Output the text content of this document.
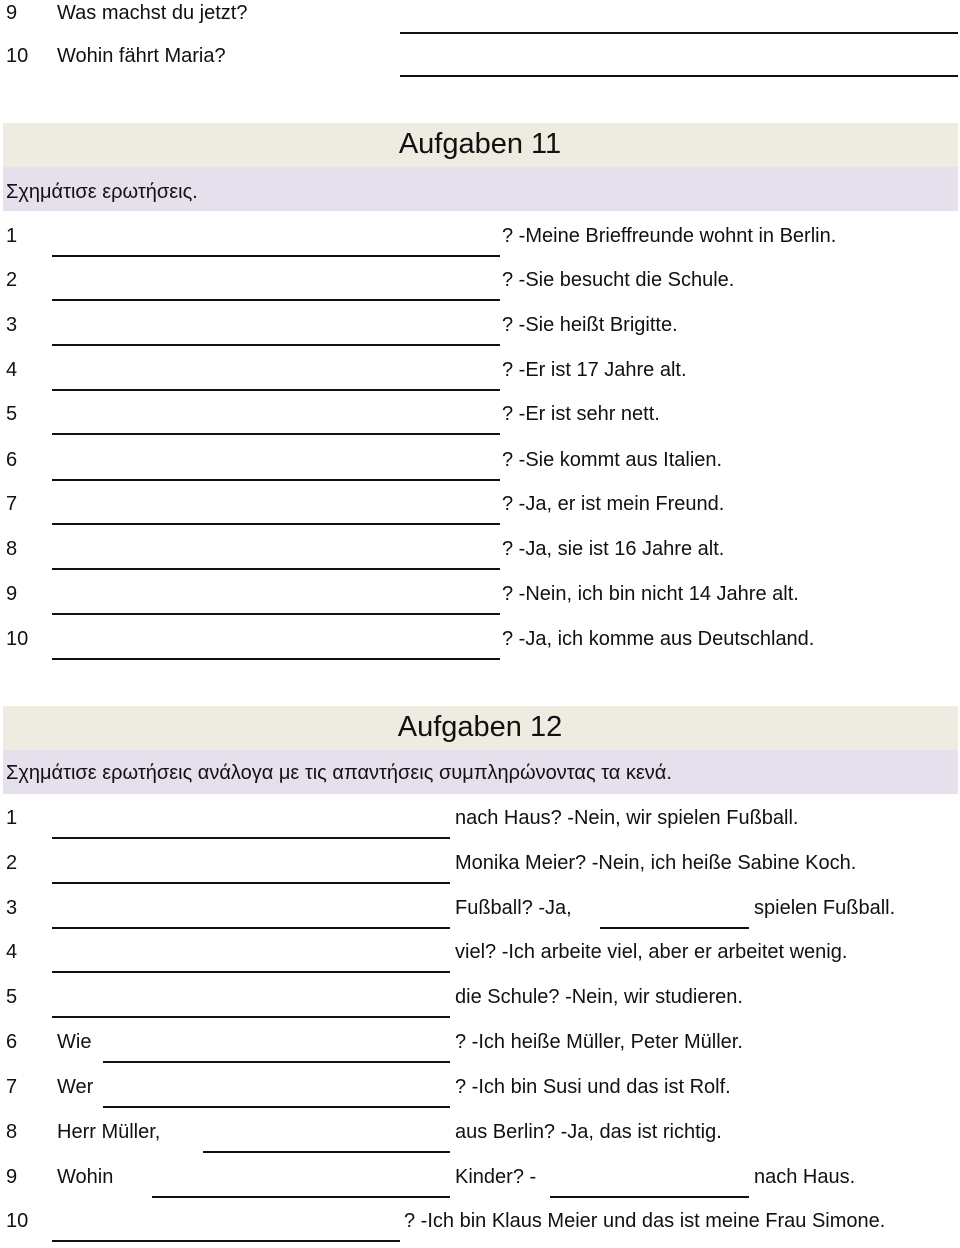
9 Was machst du jetzt?
10 Wohin fährt Maria?
Aufgaben 11
Σχημάτισε ερωτήσεις.
1	? -Meine Brieffreunde wohnt in Berlin.
2	? -Sie besucht die Schule.
3	? -Sie heißt Brigitte.
4	? -Er ist 17 Jahre alt.
5	? -Er ist sehr nett.
6	? -Sie kommt aus Italien.
7	? -Ja, er ist mein Freund.
8	? -Ja, sie ist 16 Jahre alt.
9	? -Nein, ich bin nicht 14 Jahre alt.
10	? -Ja, ich komme aus Deutschland.
Aufgaben 12
Σχημάτισε ερωτήσεις ανάλογα με τις απαντήσεις συμπληρώνοντας τα κενά.
1	nach Haus? -Nein, wir spielen Fußball.
2	Monika Meier? -Nein, ich heiße Sabine Koch.
3	Fußball? -Ja,	spielen Fußball.
4	viel? -Ich arbeite viel, aber er arbeitet wenig.
5	die Schule? -Nein, wir studieren.
6 Wie	? -Ich heiße Müller, Peter Müller.
7 Wer	? -Ich bin Susi und das ist Rolf.
8 Herr Müller,	aus Berlin? -Ja, das ist richtig.
9 Wohin	Kinder? -	nach Haus.
10	? -Ich bin Klaus Meier und das ist meine Frau Simone.
